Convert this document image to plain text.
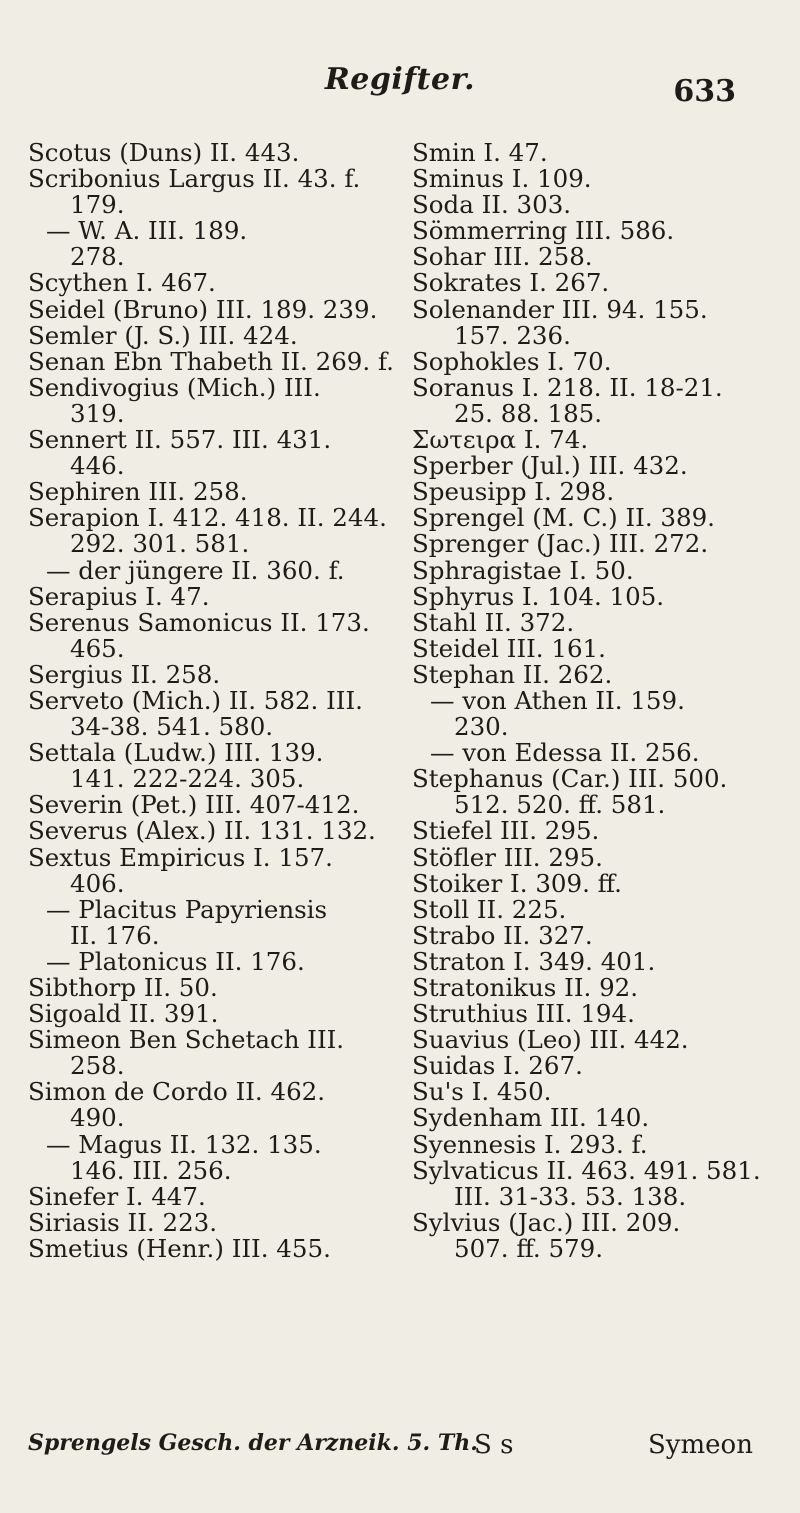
Regifter.	633
Scotus (Duns) II. 443.
Scribonius Largus II. 43. f.
179.
— W. A. III. 189.
278.
Scythen I. 467.
Seidel (Bruno) III. 189. 239.
Semler (J. S.) III. 424.
Senan Ebn Thabeth II. 269. f.
Sendivogius (Mich.) III.
319.
Sennert II. 557. III. 431.
446.
Sephiren III. 258.
Serapion I. 412. 418. II. 244.
292. 301. 581.
— der jüngere II. 360. f.
Serapius I. 47.
Serenus Samonicus II. 173.
465.
Sergius II. 258.
Serveto (Mich.) II. 582. III.
34-38. 541. 580.
Settala (Ludw.) III. 139.
141. 222-224. 305.
Severin (Pet.) III. 407-412.
Severus (Alex.) II. 131. 132.
Sextus Empiricus I. 157.
406.
— Placitus Papyriensis
II. 176.
— Platonicus II. 176.
Sibthorp II. 50.
Sigoald II. 391.
Simeon Ben Schetach III.
258.
Simon de Cordo II. 462.
490.
— Magus II. 132. 135.
146. III. 256.
Sinefer I. 447.
Siriasis II. 223.
Smetius (Henr.) III. 455.
Smin I. 47.
Sminus I. 109.
Soda II. 303.
Sömmerring III. 586.
Sohar III. 258.
Sokrates I. 267.
Solenander III. 94. 155.
157. 236.
Sophokles I. 70.
Soranus I. 218. II. 18-21.
25. 88. 185.
Σωτειρα I. 74.
Sperber (Jul.) III. 432.
Speusipp I. 298.
Sprengel (M. C.) II. 389.
Sprenger (Jac.) III. 272.
Sphragistae I. 50.
Sphyrus I. 104. 105.
Stahl II. 372.
Steidel III. 161.
Stephan II. 262.
— von Athen II. 159.
230.
— von Edessa II. 256.
Stephanus (Car.) III. 500.
512. 520. ff. 581.
Stiefel III. 295.
Stöfler III. 295.
Stoiker I. 309. ff.
Stoll II. 225.
Strabo II. 327.
Straton I. 349. 401.
Stratonikus II. 92.
Struthius III. 194.
Suavius (Leo) III. 442.
Suidas I. 267.
Su's I. 450.
Sydenham III. 140.
Syennesis I. 293. f.
Sylvaticus II. 463. 491. 581.
III. 31-33. 53. 138.
Sylvius (Jac.) III. 209.
507. ff. 579.
Sprengels Gesch. der Arzneik. 5. Th.
S s	Symeon
